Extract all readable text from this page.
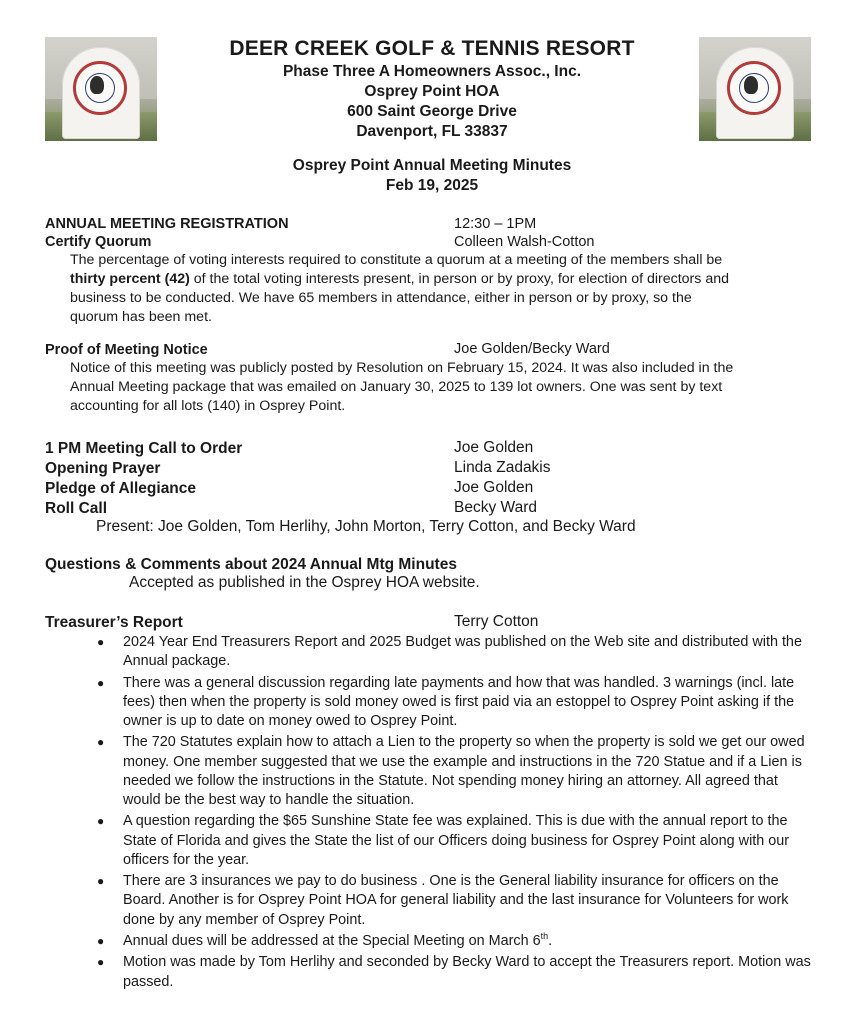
DEER CREEK GOLF & TENNIS RESORT
Phase Three A Homeowners Assoc., Inc.
Osprey Point HOA
600 Saint George Drive
Davenport, FL 33837
Osprey Point Annual Meeting Minutes
Feb 19, 2025
ANNUAL MEETING REGISTRATION	12:30 – 1PM
Certify Quorum	Colleen Walsh-Cotton
The percentage of voting interests required to constitute a quorum at a meeting of the members shall be
thirty percent (42) of the total voting interests present, in person or by proxy, for election of directors and
business to be conducted. We have 65 members in attendance, either in person or by proxy, so the
quorum has been met.
Proof of Meeting Notice	Joe Golden/Becky Ward
Notice of this meeting was publicly posted by Resolution on February 15, 2024. It was also included in the
Annual Meeting package that was emailed on January 30, 2025 to 139 lot owners. One was sent by text
accounting for all lots (140) in Osprey Point.
1 PM Meeting Call to Order	Joe Golden
Opening Prayer	Linda Zadakis
Pledge of Allegiance	Joe Golden
Roll Call	Becky Ward
Present: Joe Golden, Tom Herlihy, John Morton, Terry Cotton, and Becky Ward
Questions & Comments about 2024 Annual Mtg Minutes
Accepted as published in the Osprey HOA website.
Treasurer’s Report	Terry Cotton
● 2024 Year End Treasurers Report and 2025 Budget was published on the Web site and distributed with the Annual package.
● There was a general discussion regarding late payments and how that was handled. 3 warnings (incl. late fees) then when the property is sold money owed is first paid via an estoppel to Osprey Point asking if the owner is up to date on money owed to Osprey Point.
● The 720 Statutes explain how to attach a Lien to the property so when the property is sold we get our owed money. One member suggested that we use the example and instructions in the 720 Statue and if a Lien is needed we follow the instructions in the Statute. Not spending money hiring an attorney. All agreed that would be the best way to handle the situation.
● A question regarding the $65 Sunshine State fee was explained. This is due with the annual report to the State of Florida and gives the State the list of our Officers doing business for Osprey Point along with our officers for the year.
● There are 3 insurances we pay to do business . One is the General liability insurance for officers on the Board. Another is for Osprey Point HOA for general liability and the last insurance for Volunteers for work done by any member of Osprey Point.
● Annual dues will be addressed at the Special Meeting on March 6th.
● Motion was made by Tom Herlihy and seconded by Becky Ward to accept the Treasurers report. Motion was passed.
